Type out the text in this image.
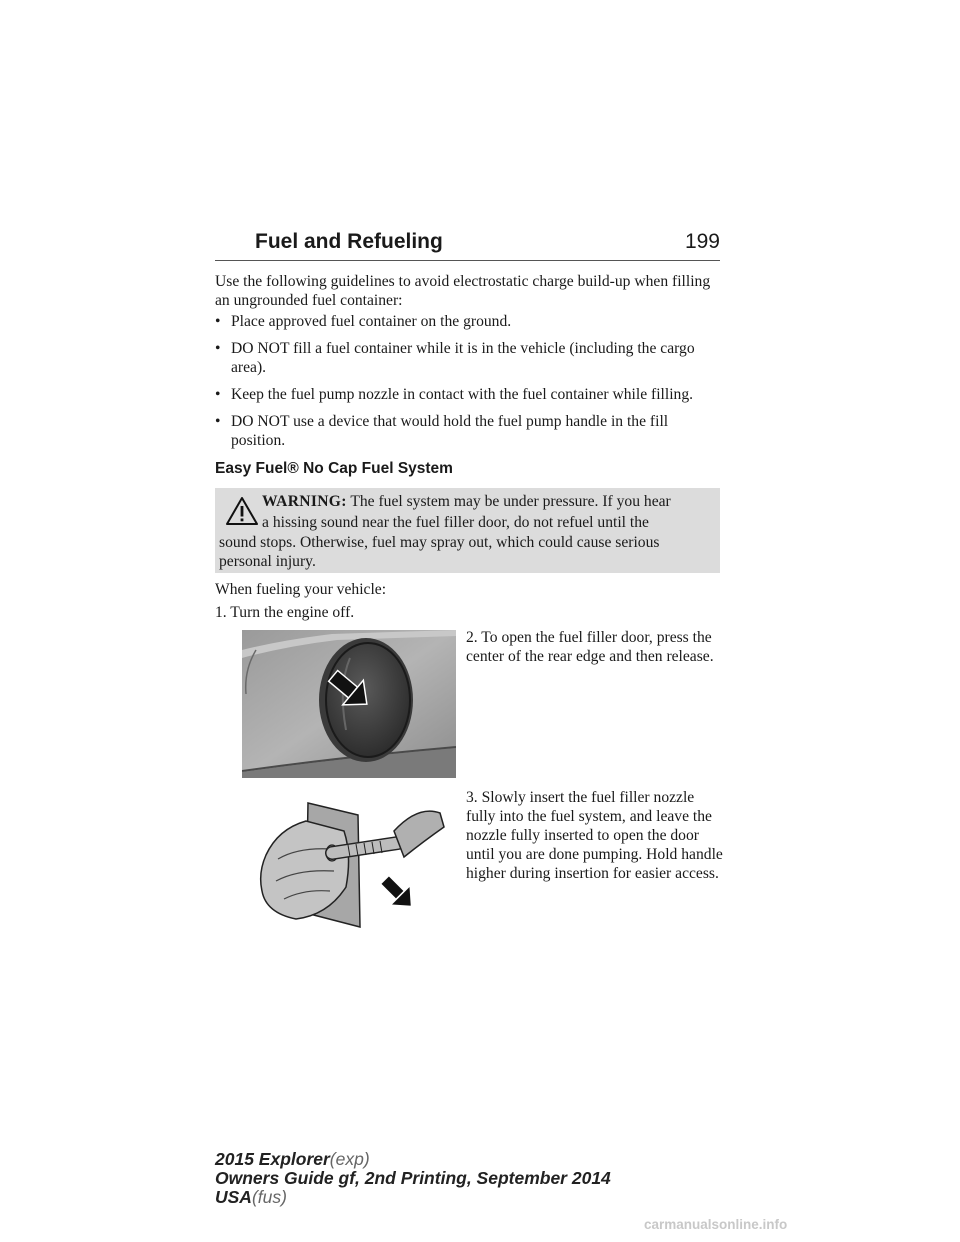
Fuel and Refueling	199
Use the following guidelines to avoid electrostatic charge build-up when filling an ungrounded fuel container:
• Place approved fuel container on the ground.
• DO NOT fill a fuel container while it is in the vehicle (including the cargo area).
• Keep the fuel pump nozzle in contact with the fuel container while filling.
• DO NOT use a device that would hold the fuel pump handle in the fill position.
Easy Fuel® No Cap Fuel System
WARNING: The fuel system may be under pressure. If you hear
a hissing sound near the fuel filler door, do not refuel until the
sound stops. Otherwise, fuel may spray out, which could cause serious
personal injury.
When fueling your vehicle:
1. Turn the engine off.
2. To open the fuel filler door, press the center of the rear edge and then release.
3. Slowly insert the fuel filler nozzle fully into the fuel system, and leave the nozzle fully inserted to open the door until you are done pumping. Hold handle higher during insertion for easier access.
2015 Explorer(exp)
Owners Guide gf, 2nd Printing, September 2014
USA(fus)
carmanualsonline.info
